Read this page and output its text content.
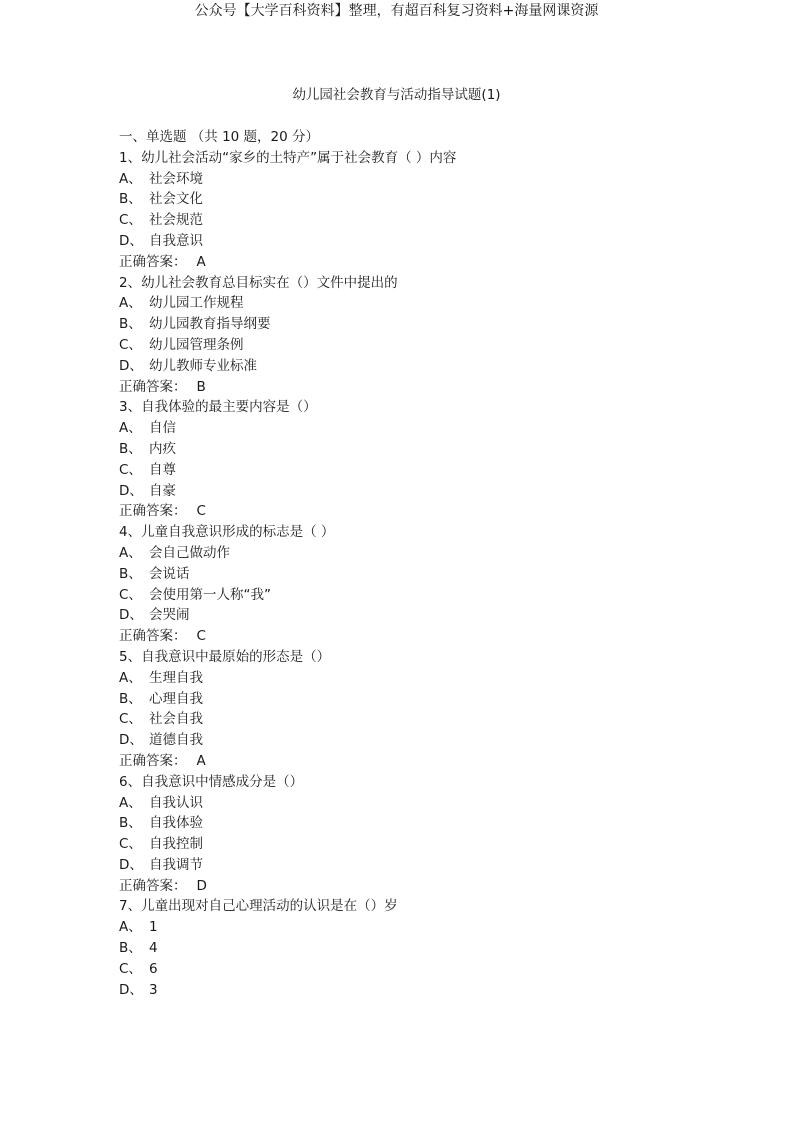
公众号【大学百科资料】整理，有超百科复习资料+海量网课资源
幼儿园社会教育与活动指导试题(1)
一、单选题 （共 10 题，20 分）
1、幼儿社会活动“家乡的土特产”属于社会教育（ ）内容
A、 社会环境
B、 社会文化
C、 社会规范
D、 自我意识
正确答案： A
2、幼儿社会教育总目标实在（）文件中提出的
A、 幼儿园工作规程
B、 幼儿园教育指导纲要
C、 幼儿园管理条例
D、 幼儿教师专业标准
正确答案： B
3、自我体验的最主要内容是（）
A、 自信
B、 内疚
C、 自尊
D、 自豪
正确答案： C
4、儿童自我意识形成的标志是（ ）
A、 会自己做动作
B、 会说话
C、 会使用第一人称“我”
D、 会哭闹
正确答案： C
5、自我意识中最原始的形态是（）
A、 生理自我
B、 心理自我
C、 社会自我
D、 道德自我
正确答案： A
6、自我意识中情感成分是（）
A、 自我认识
B、 自我体验
C、 自我控制
D、 自我调节
正确答案： D
7、儿童出现对自己心理活动的认识是在（）岁
A、 1
B、 4
C、 6
D、 3
